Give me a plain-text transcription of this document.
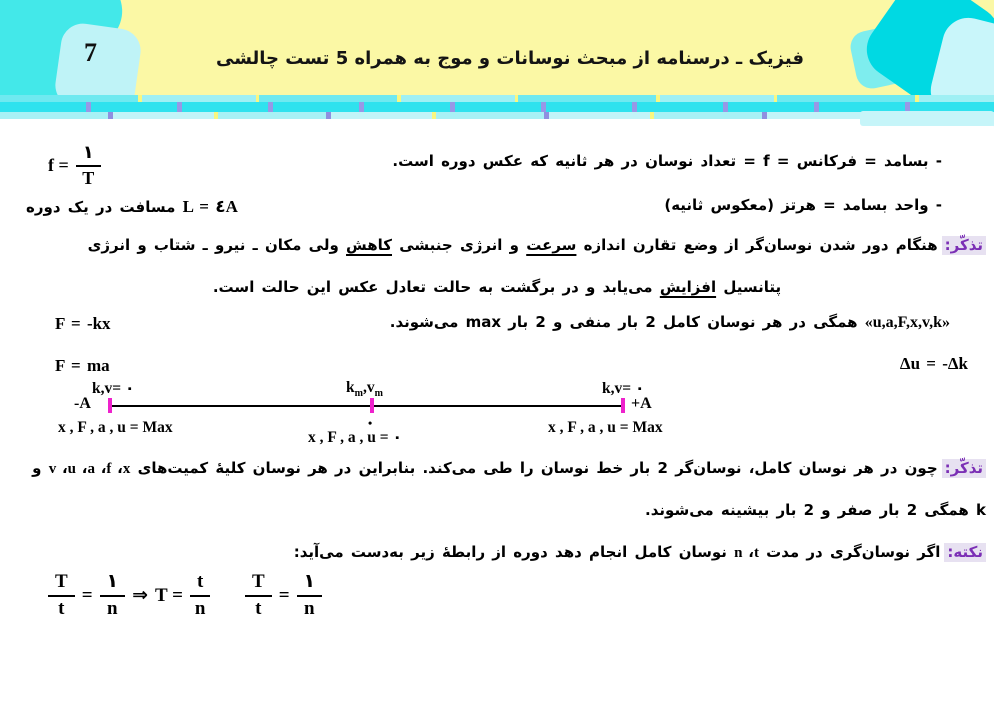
7	فیزیک ـ درسنامه از مبحث نوسانات و موج به همراه 5 تست چالشی
- بسامد = فرکانس = f = تعداد نوسان در هر ثانیه که عکس دوره است.
$f = \frac{١}{T}$
- واحد بسامد = هرتز (معکوس ثانیه)
L = ٤A مسافت در یک دوره
تذکّر:هنگام دور شدن نوسان‌گر از وضع تقارن اندازه سرعت و انرژی جنبشی کاهش ولی مکان ـ نیرو ـ شتاب و انرژی
پتانسیل افزایش می‌یابد و در برگشت به حالت تعادل عکس این حالت است.
«u,a,F,x,v,k» همگی در هر نوسان کامل 2 بار منفی و 2 بار max می‌شوند.
F = -kx
F = ma	Δu = -Δk
k,v= ٠
-A
x , F , a , u = Max
$k_m,v_m$
•
x , F , a , u = ٠
k,v= ٠
+A
x , F , a , u = Max
تذکّر:چون در هر نوسان کامل، نوسان‌گر 2 بار خط نوسان را طی می‌کند. بنابراین در هر نوسان کلیهٔ کمیت‌های v ،u ،a ،f ،x و
k همگی 2 بار صفر و 2 بار بیشینه می‌شوند.
نکته:اگر نوسان‌گری در مدت n ،t نوسان کامل انجام دهد دوره از رابطهٔ زیر به‌دست می‌آید:
$\frac{T}{t} = \frac{١}{n}$ ⇒ $T = \frac{t}{n} \frac{T}{t} = \frac{١}{n}$
